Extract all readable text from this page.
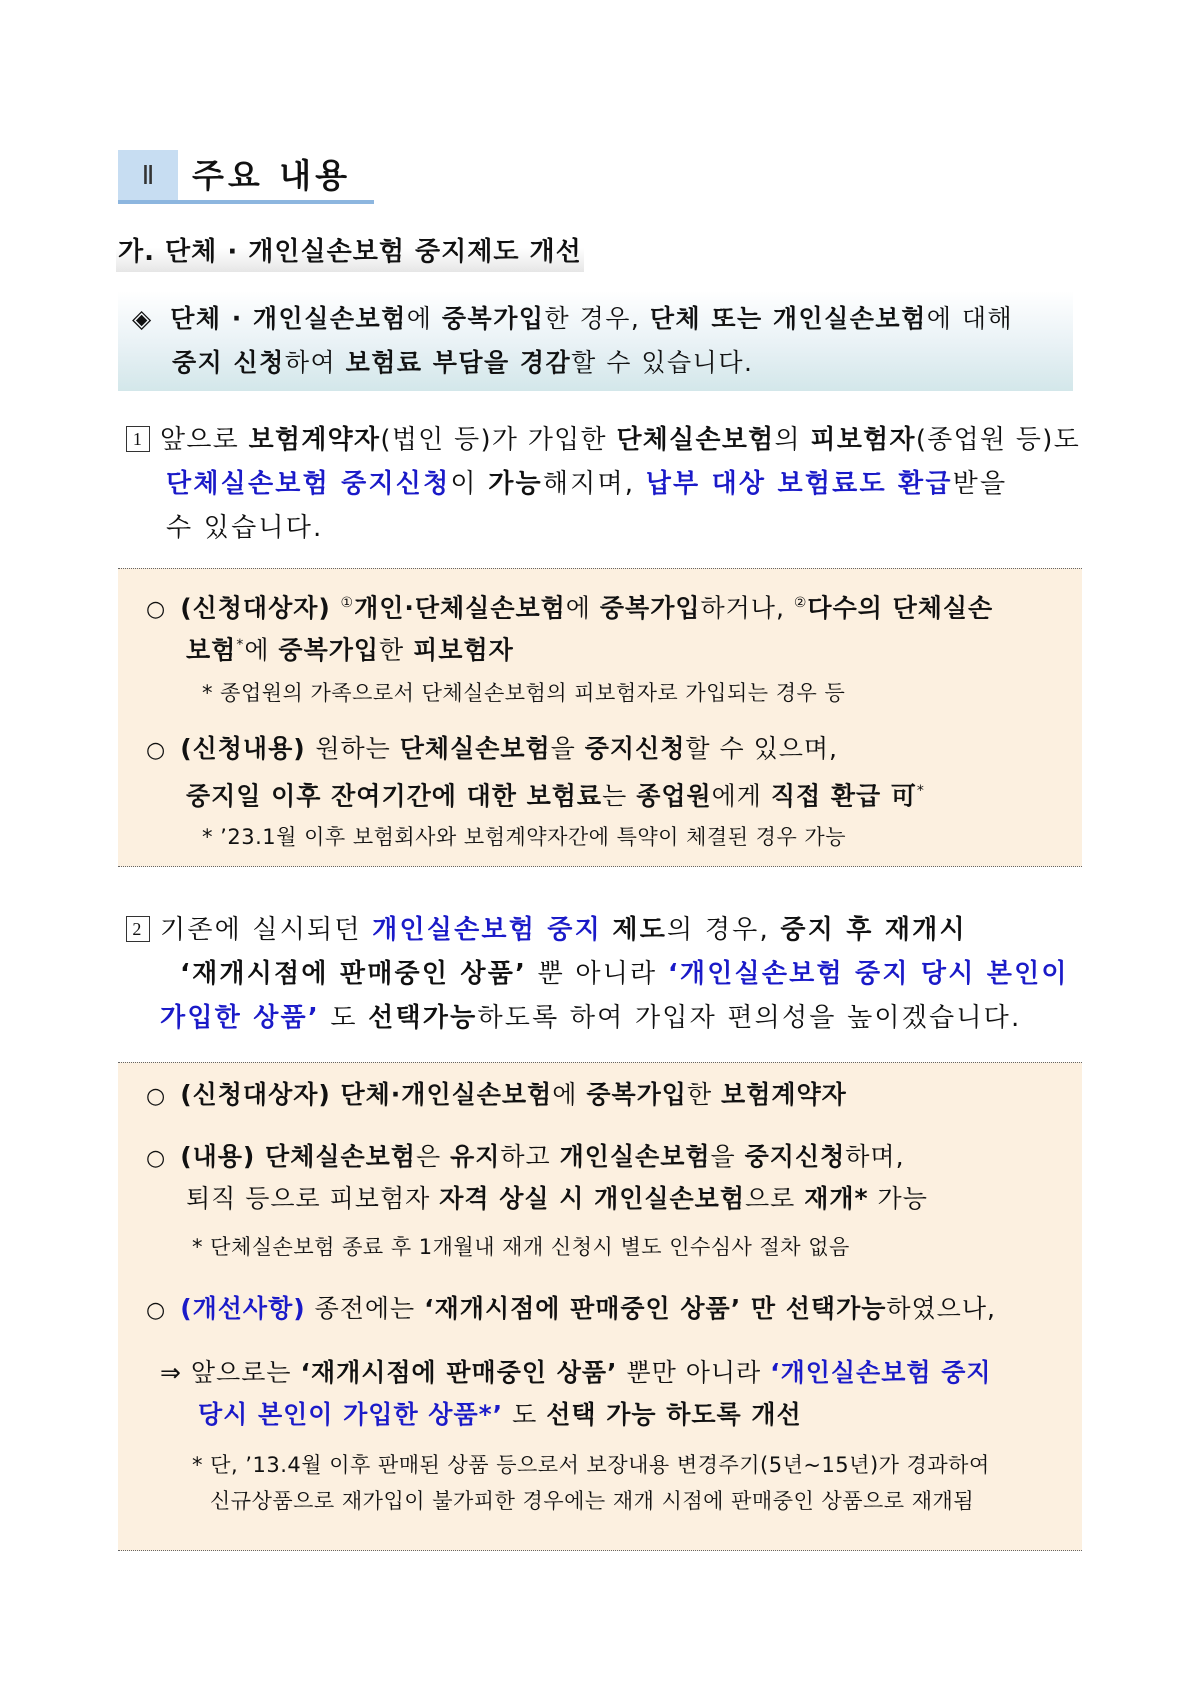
Ⅱ	주요 내용
가. 단체 · 개인실손보험 중지제도 개선
◈ 단체 · 개인실손보험에 중복가입한 경우, 단체 또는 개인실손보험에 대해
중지 신청하여 보험료 부담을 경감할 수 있습니다.
1 앞으로 보험계약자(법인 등)가 가입한 단체실손보험의 피보험자(종업원 등)도
단체실손보험 중지신청이 가능해지며, 납부 대상 보험료도 환급받을
수 있습니다.
○ (신청대상자) ①개인·단체실손보험에 중복가입하거나, ②다수의 단체실손
보험*에 중복가입한 피보험자
* 종업원의 가족으로서 단체실손보험의 피보험자로 가입되는 경우 등
○ (신청내용) 원하는 단체실손보험을 중지신청할 수 있으며,
중지일 이후 잔여기간에 대한 보험료는 종업원에게 직접 환급 可*
* ’23.1월 이후 보험회사와 보험계약자간에 특약이 체결된 경우 가능
2 기존에 실시되던 개인실손보험 중지 제도의 경우, 중지 후 재개시
‘재개시점에 판매중인 상품’ 뿐 아니라 ‘개인실손보험 중지 당시 본인이
가입한 상품’ 도 선택가능하도록 하여 가입자 편의성을 높이겠습니다.
○ (신청대상자) 단체·개인실손보험에 중복가입한 보험계약자
○ (내용) 단체실손보험은 유지하고 개인실손보험을 중지신청하며,
퇴직 등으로 피보험자 자격 상실 시 개인실손보험으로 재개* 가능
* 단체실손보험 종료 후 1개월내 재개 신청시 별도 인수심사 절차 없음
○ (개선사항) 종전에는 ‘재개시점에 판매중인 상품’ 만 선택가능하였으나,
⇒ 앞으로는 ‘재개시점에 판매중인 상품’ 뿐만 아니라 ‘개인실손보험 중지
당시 본인이 가입한 상품*’ 도 선택 가능 하도록 개선
* 단, ’13.4월 이후 판매된 상품 등으로서 보장내용 변경주기(5년~15년)가 경과하여
신규상품으로 재가입이 불가피한 경우에는 재개 시점에 판매중인 상품으로 재개됨
